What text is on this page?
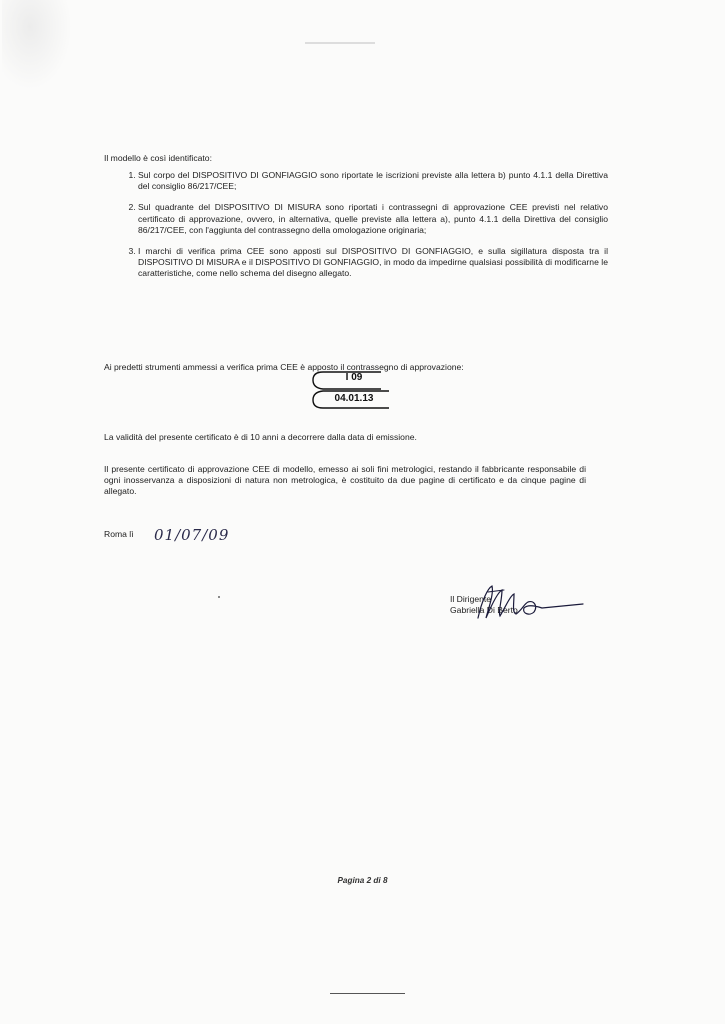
Il modello è così identificato:
1. Sul corpo del DISPOSITIVO DI GONFIAGGIO sono riportate le iscrizioni previste alla lettera b) punto 4.1.1 della Direttiva del consiglio 86/217/CEE;
2. Sul quadrante del DISPOSITIVO DI MISURA sono riportati i contrassegni di approvazione CEE previsti nel relativo certificato di approvazione, ovvero, in alternativa, quelle previste alla lettera a), punto 4.1.1 della Direttiva del consiglio 86/217/CEE, con l'aggiunta del contrassegno della omologazione originaria;
3. I marchi di verifica prima CEE sono apposti sul DISPOSITIVO DI GONFIAGGIO, e sulla sigillatura disposta tra il DISPOSITIVO DI MISURA e il DISPOSITIVO DI GONFIAGGIO, in modo da impedirne qualsiasi possibilità di modificarne le caratteristiche, come nello schema del disegno allegato.
Ai predetti strumenti ammessi a verifica prima CEE è apposto il contrassegno di approvazione:
I 09
04.01.13
La validità del presente certificato è di 10 anni a decorrere dalla data di emissione.
Il presente certificato di approvazione CEE di modello, emesso ai soli fini metrologici, restando il fabbricante responsabile di ogni inosservanza a disposizioni di natura non metrologica, è costituito da due pagine di certificato e da cinque pagine di allegato.
Roma lì 01/07/09
Il Dirigente
Gabriella Di Berto
Pagina 2 di 8
